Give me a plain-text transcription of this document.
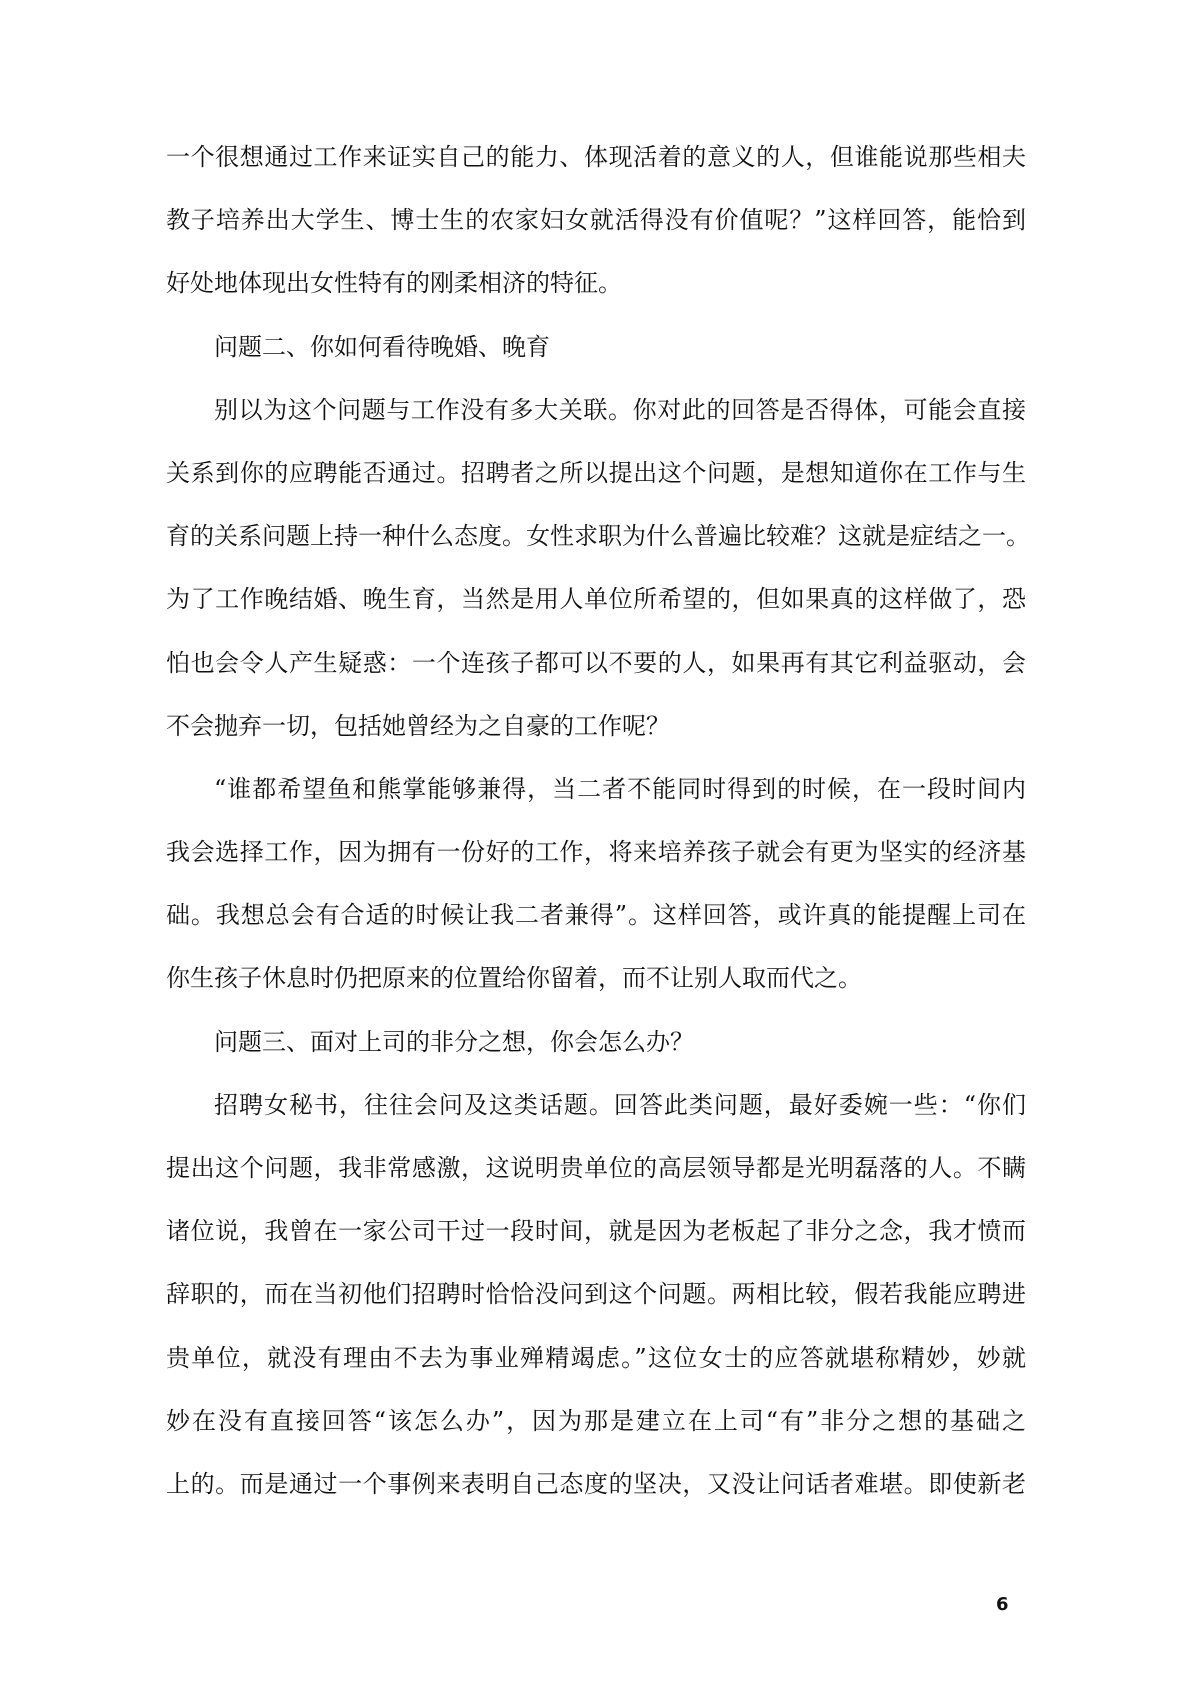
一个很想通过工作来证实自己的能力、体现活着的意义的人，但谁能说那些相夫
教子培养出大学生、博士生的农家妇女就活得没有价值呢？”这样回答，能恰到
好处地体现出女性特有的刚柔相济的特征。
问题二、你如何看待晚婚、晚育
别以为这个问题与工作没有多大关联。你对此的回答是否得体，可能会直接
关系到你的应聘能否通过。招聘者之所以提出这个问题，是想知道你在工作与生
育的关系问题上持一种什么态度。女性求职为什么普遍比较难？这就是症结之一。
为了工作晚结婚、晚生育，当然是用人单位所希望的，但如果真的这样做了，恐
怕也会令人产生疑惑：一个连孩子都可以不要的人，如果再有其它利益驱动，会
不会抛弃一切，包括她曾经为之自豪的工作呢？
“谁都希望鱼和熊掌能够兼得，当二者不能同时得到的时候，在一段时间内
我会选择工作，因为拥有一份好的工作，将来培养孩子就会有更为坚实的经济基
础。我想总会有合适的时候让我二者兼得”。这样回答，或许真的能提醒上司在
你生孩子休息时仍把原来的位置给你留着，而不让别人取而代之。
问题三、面对上司的非分之想，你会怎么办？
招聘女秘书，往往会问及这类话题。回答此类问题，最好委婉一些：“你们
提出这个问题，我非常感激，这说明贵单位的高层领导都是光明磊落的人。不瞒
诸位说，我曾在一家公司干过一段时间，就是因为老板起了非分之念，我才愤而
辞职的，而在当初他们招聘时恰恰没问到这个问题。两相比较，假若我能应聘进
贵单位，就没有理由不去为事业殚精竭虑。”这位女士的应答就堪称精妙，妙就
妙在没有直接回答“该怎么办”，因为那是建立在上司“有”非分之想的基础之
上的。而是通过一个事例来表明自己态度的坚决，又没让问话者难堪。即使新老
6
